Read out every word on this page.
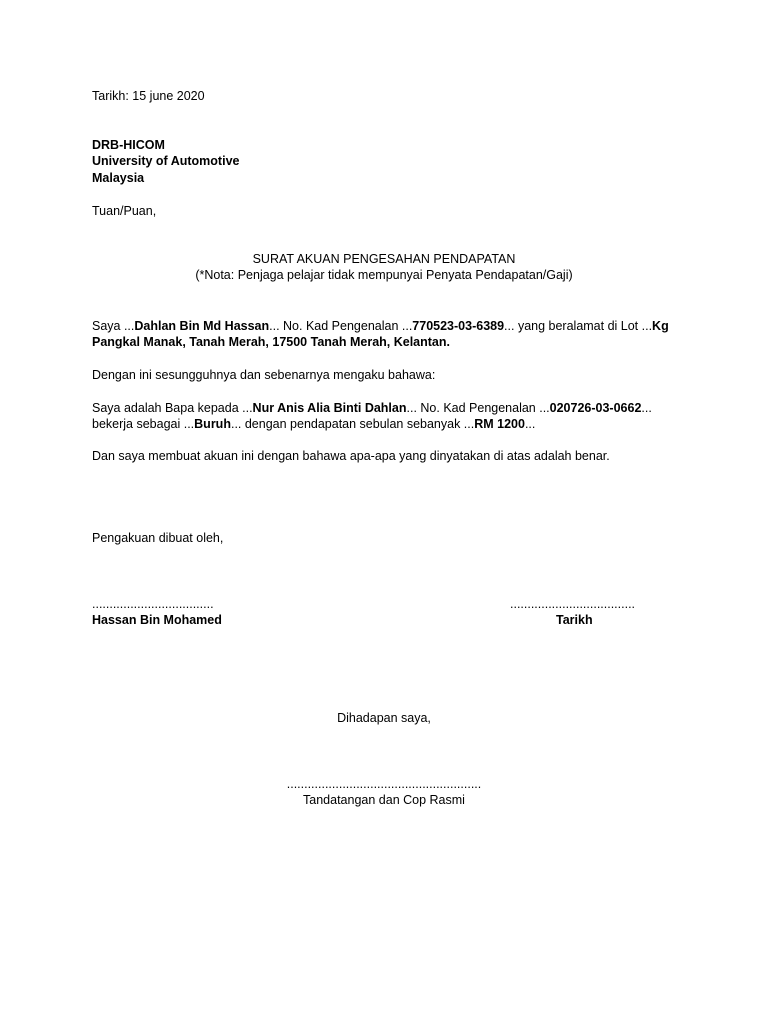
Tarikh: 15 june 2020
DRB-HICOM
University of Automotive
Malaysia
Tuan/Puan,
SURAT AKUAN PENGESAHAN PENDAPATAN
(*Nota: Penjaga pelajar tidak mempunyai Penyata Pendapatan/Gaji)
Saya ...Dahlan Bin Md Hassan... No. Kad Pengenalan ...770523-03-6389... yang beralamat di Lot ...Kg
Pangkal Manak, Tanah Merah, 17500 Tanah Merah, Kelantan.
Dengan ini sesungguhnya dan sebenarnya mengaku bahawa:
Saya adalah Bapa kepada ...Nur Anis Alia Binti Dahlan... No. Kad Pengenalan ...020726-03-0662...
bekerja sebagai ...Buruh... dengan pendapatan sebulan sebanyak ...RM 1200...
Dan saya membuat akuan ini dengan bahawa apa-apa yang dinyatakan di atas adalah benar.
Pengakuan dibuat oleh,
...................................
Hassan Bin Mohamed
....................................
Tarikh
Dihadapan saya,
........................................................
Tandatangan dan Cop Rasmi
